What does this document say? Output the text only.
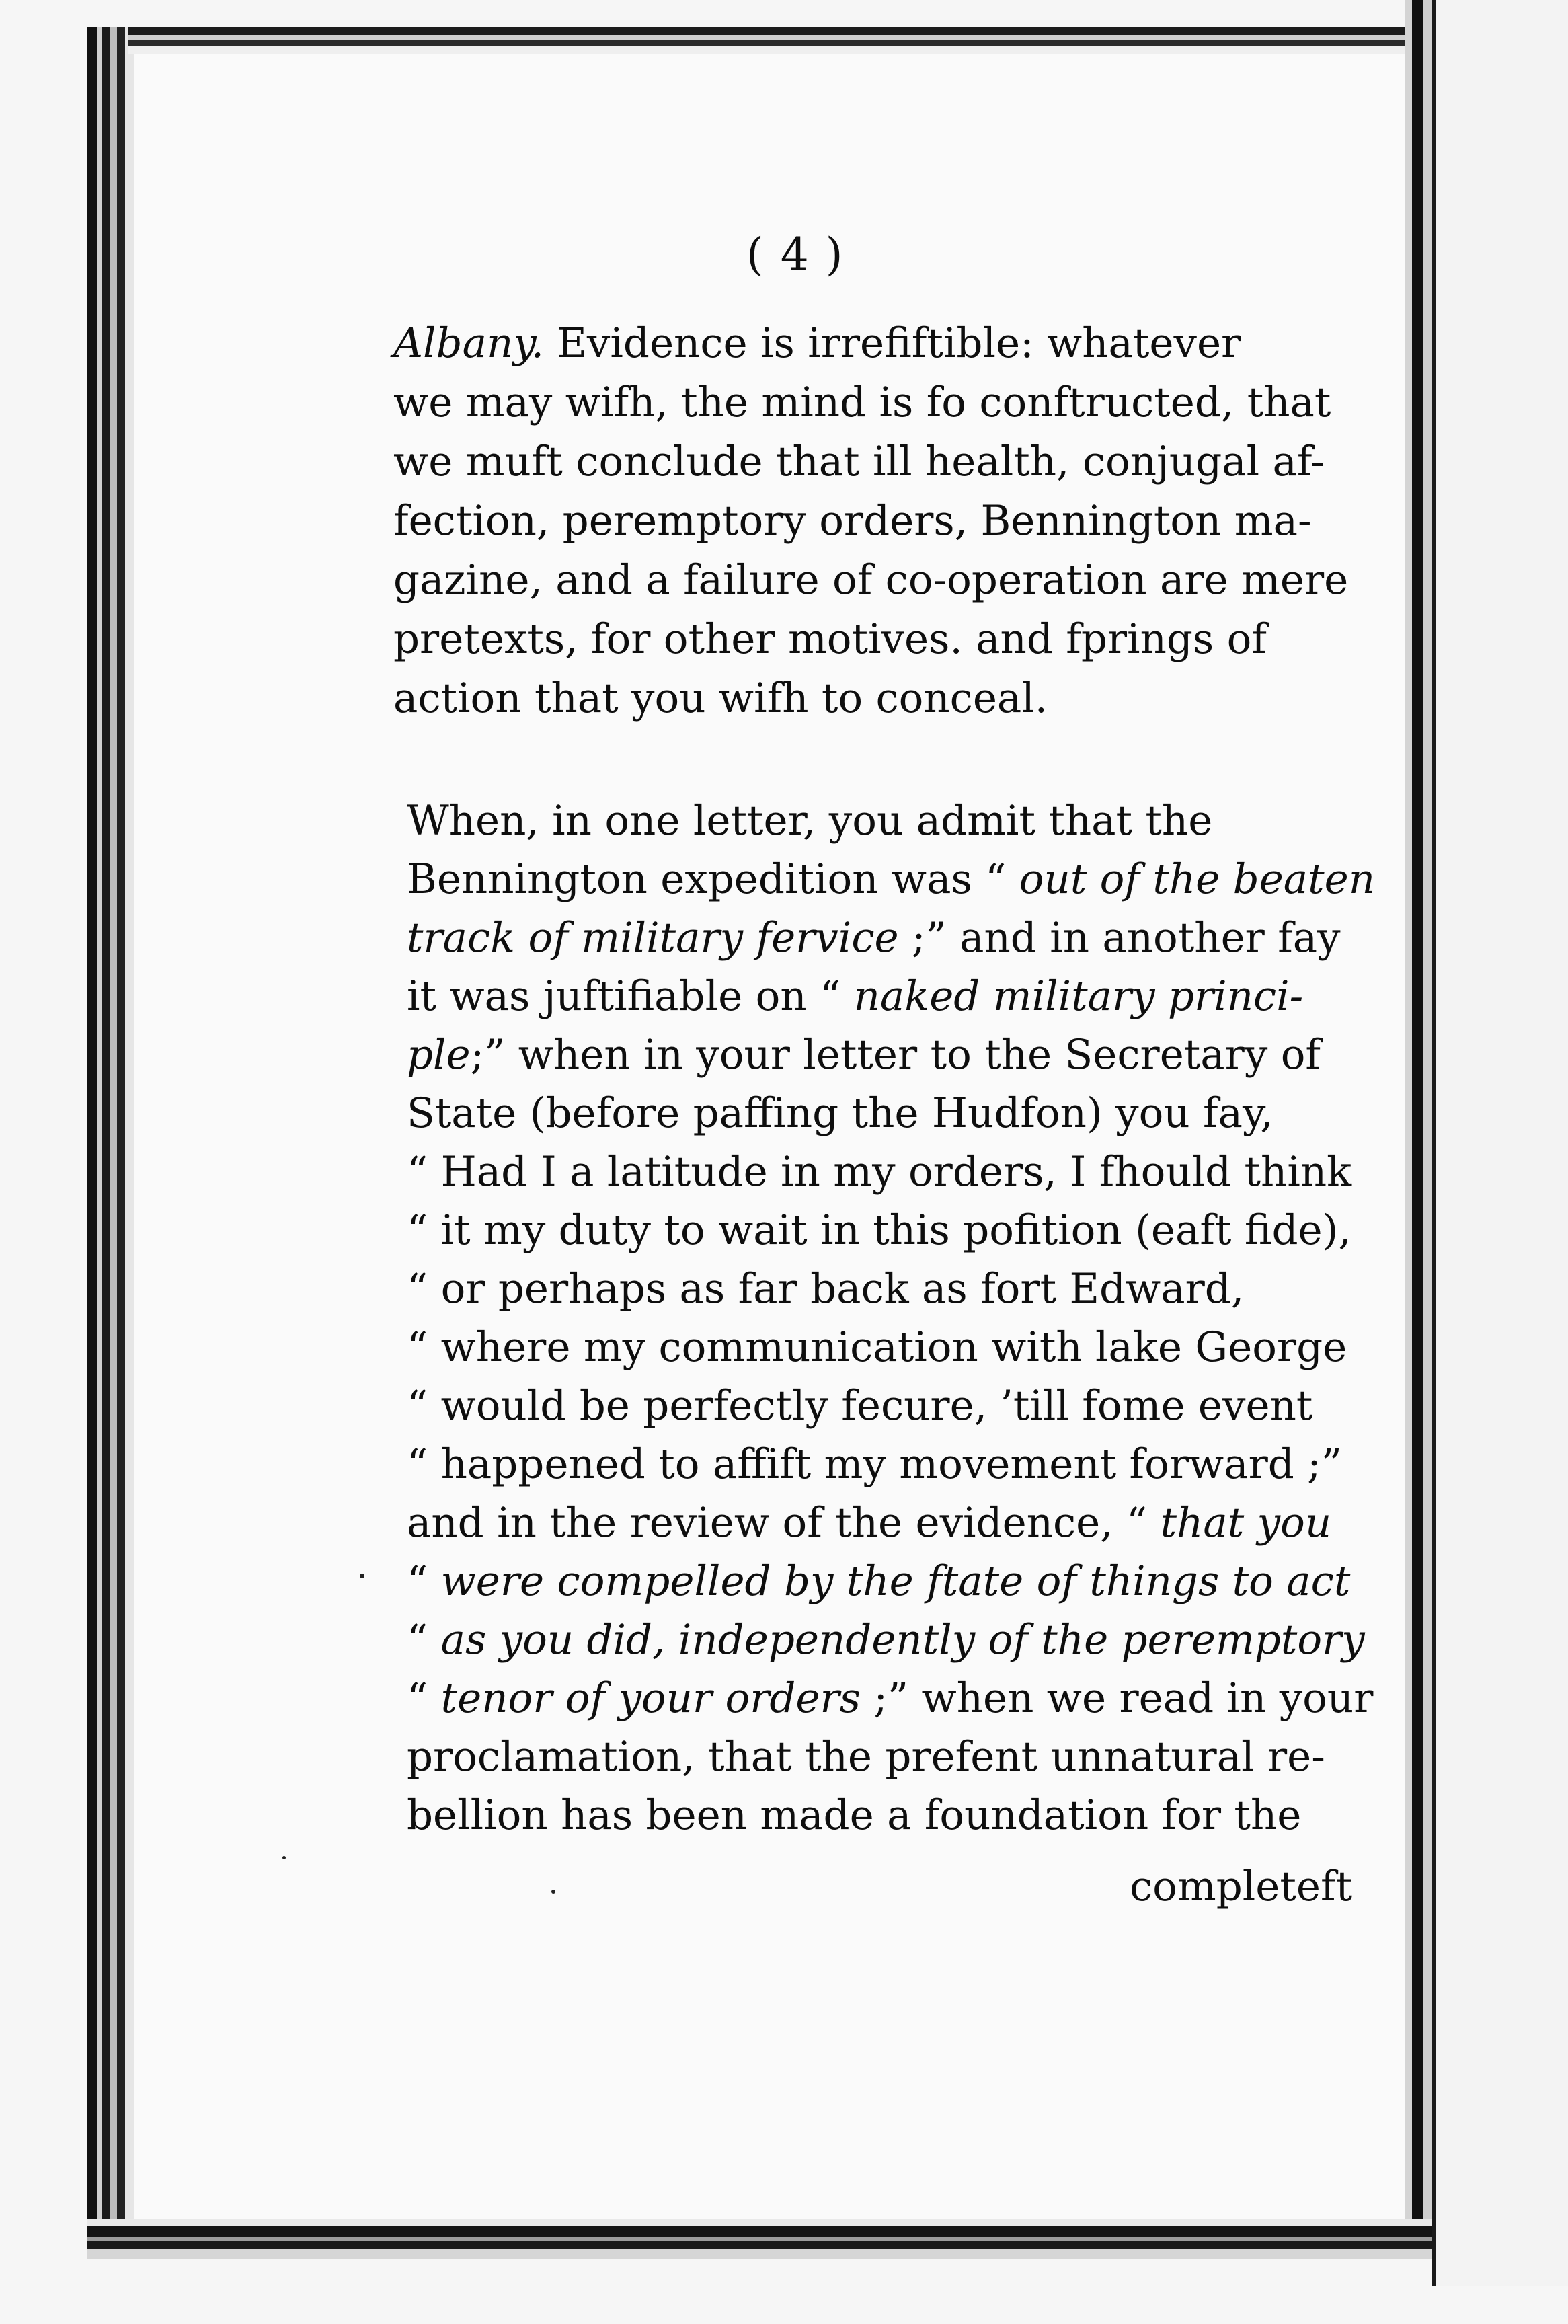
( 4 )
Albany. Evidence is irrefiftible: whatever
we may wifh, the mind is fo conftructed, that
we muft conclude that ill health, conjugal af-
fection, peremptory orders, Bennington ma-
gazine, and a failure of co-operation are mere
pretexts, for other motives. and fprings of
action that you wifh to conceal.
When, in one letter, you admit that the
Bennington expedition was “ out of the beaten
track of military fervice ;” and in another fay
it was juftifiable on “ naked military princi-
ple;” when in your letter to the Secretary of
State (before paffing the Hudfon) you fay,
“ Had I a latitude in my orders, I fhould think
“ it my duty to wait in this pofition (eaft fide),
“ or perhaps as far back as fort Edward,
“ where my communication with lake George
“ would be perfectly fecure, ’till fome event
“ happened to affift my movement forward ;”
and in the review of the evidence, “ that you
“ were compelled by the ftate of things to act
“ as you did, independently of the peremptory
“ tenor of your orders ;” when we read in your
proclamation, that the prefent unnatural re-
bellion has been made a foundation for the
completeft
